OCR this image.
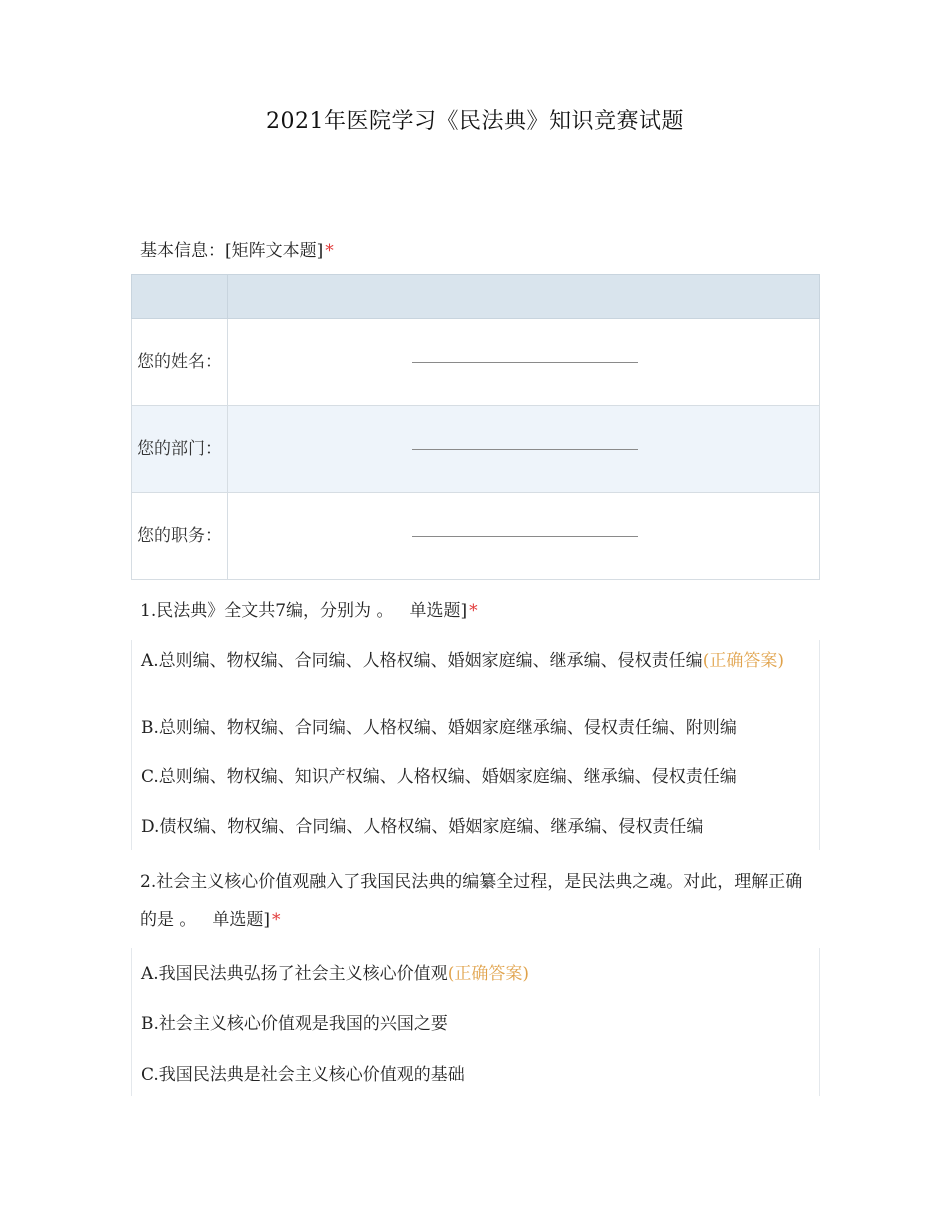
2021年医院学习《民法典》知识竞赛试题
基本信息：[矩阵文本题] *

您的姓名：	

您的部门：	

您的职务：	
1.民法典》全文共7编，分别为 。 单选题] *
A.总则编、物权编、合同编、人格权编、婚姻家庭编、继承编、侵权责任编(正确答案)
B.总则编、物权编、合同编、人格权编、婚姻家庭继承编、侵权责任编、附则编
C.总则编、物权编、知识产权编、人格权编、婚姻家庭编、继承编、侵权责任编
D.债权编、物权编、合同编、人格权编、婚姻家庭编、继承编、侵权责任编
2.社会主义核心价值观融入了我国民法典的编纂全过程，是民法典之魂。对此，理解正确的是 。 单选题] *
A.我国民法典弘扬了社会主义核心价值观(正确答案)
B.社会主义核心价值观是我国的兴国之要
C.我国民法典是社会主义核心价值观的基础
